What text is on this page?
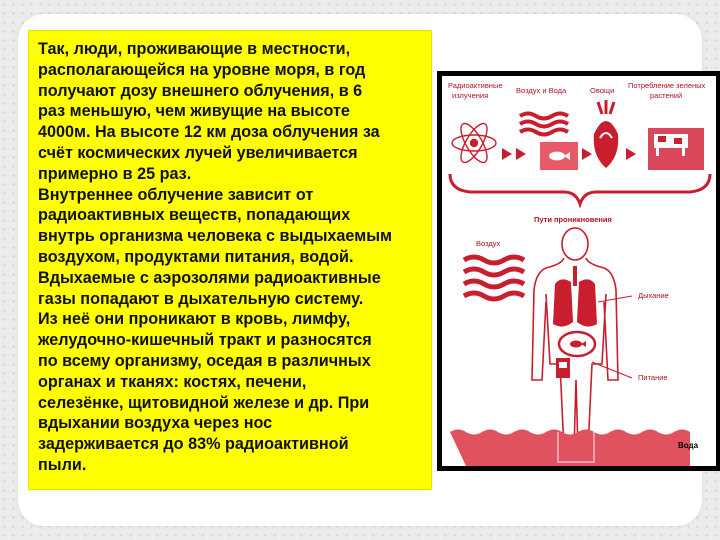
Так, люди, проживающие в местности,
располагающейся на уровне моря, в год
получают дозу внешнего облучения, в 6
раз меньшую, чем живущие на высоте
4000м. На высоте 12 км доза облучения за
счёт космических лучей увеличивается
примерно в 25 раз.
Внутреннее облучение зависит от
радиоактивных веществ, попадающих
внутрь организма человека с выдыхаемым
воздухом, продуктами питания, водой.
Вдыхаемые с аэрозолями радиоактивные
газы попадают в дыхательную систему.
Из неё они проникают в кровь, лимфу,
желудочно-кишечный тракт и разносятся
по всему организму, оседая в различных
органах и тканях: костях, печени,
селезёнке, щитовидной железе и др. При
вдыхании воздуха через нос
задерживается до 83% радиоактивной
пыли.

Радиоактивные излучения
Воздух и Вода	Овощи
Потребление зеленых растений
Пути проникновения
Воздух
Дыхание
Питание
Вода
